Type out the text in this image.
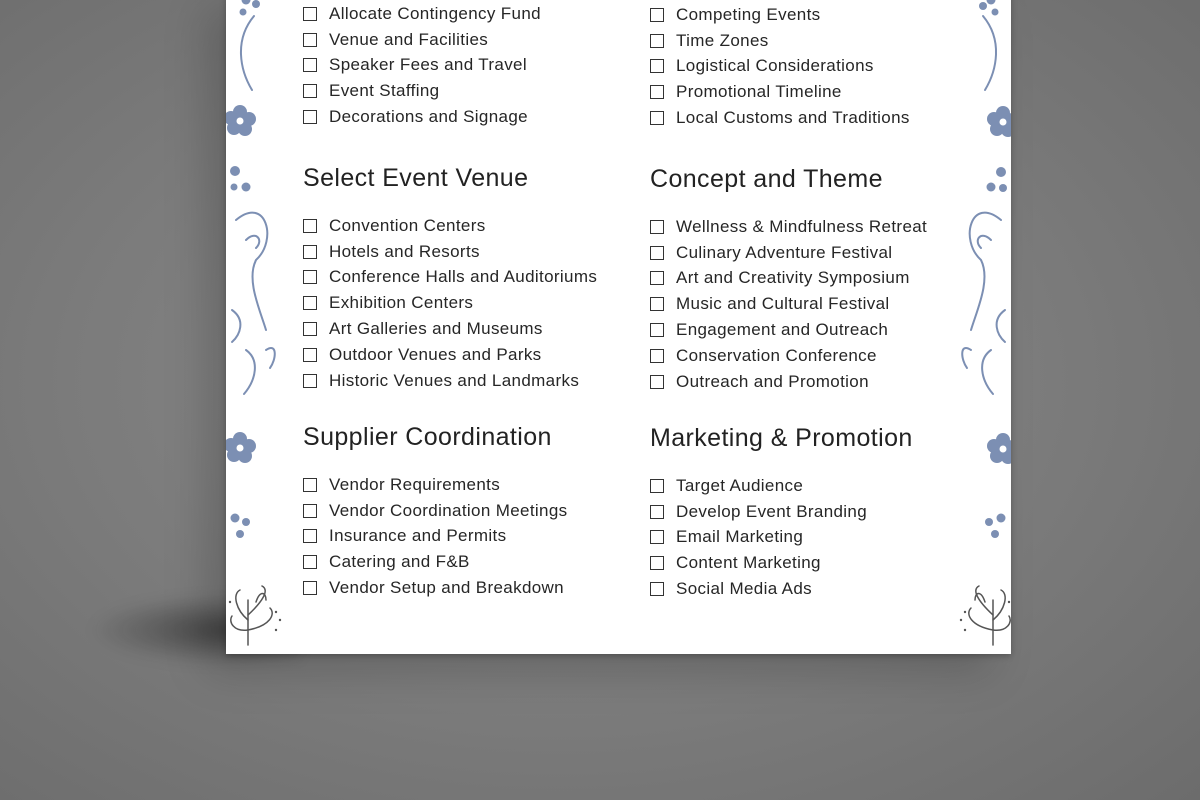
Allocate Contingency Fund
Venue and Facilities
Speaker Fees and Travel
Event Staffing
Decorations and Signage
Select Event Venue
Convention Centers
Hotels and Resorts
Conference Halls and Auditoriums
Exhibition Centers
Art Galleries and Museums
Outdoor Venues and Parks
Historic Venues and Landmarks
Supplier Coordination
Vendor Requirements
Vendor Coordination Meetings
Insurance and Permits
Catering and F&B
Vendor Setup and Breakdown
Competing Events
Time Zones
Logistical Considerations
Promotional Timeline
Local Customs and Traditions
Concept and Theme
Wellness & Mindfulness Retreat
Culinary Adventure Festival
Art and Creativity Symposium
Music and Cultural Festival
Engagement and Outreach
Conservation Conference
Outreach and Promotion
Marketing & Promotion
Target Audience
Develop Event Branding
Email Marketing
Content Marketing
Social Media Ads
